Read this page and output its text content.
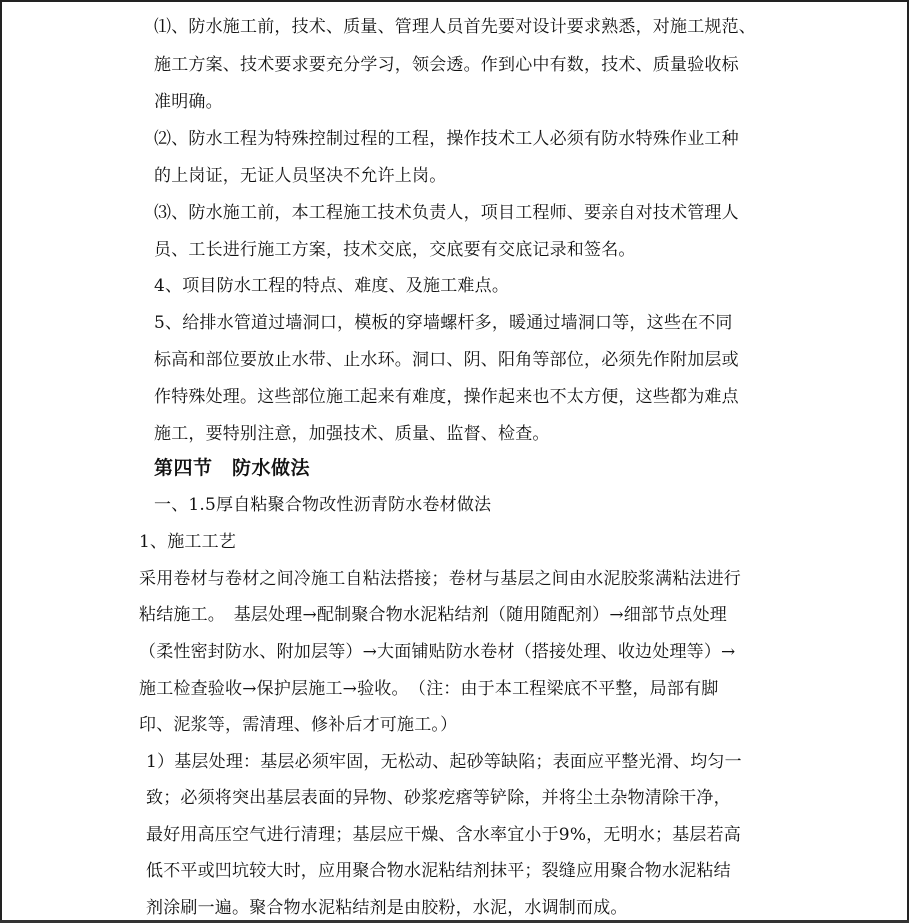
⑴、防水施工前，技术、质量、管理人员首先要对设计要求熟悉，对施工规范、
施工方案、技术要求要充分学习，领会透。作到心中有数，技术、质量验收标
准明确。
⑵、防水工程为特殊控制过程的工程，操作技术工人必须有防水特殊作业工种
的上岗证，无证人员坚决不允许上岗。
⑶、防水施工前，本工程施工技术负责人，项目工程师、要亲自对技术管理人
员、工长进行施工方案，技术交底，交底要有交底记录和签名。
4、项目防水工程的特点、难度、及施工难点。
5、给排水管道过墙洞口，模板的穿墙螺杆多，暖通过墙洞口等，这些在不同
标高和部位要放止水带、止水环。洞口、阴、阳角等部位，必须先作附加层或
作特殊处理。这些部位施工起来有难度，操作起来也不太方便，这些都为难点
施工，要特别注意，加强技术、质量、监督、检查。
第四节　防水做法
一、1.5厚自粘聚合物改性沥青防水卷材做法
1、施工工艺
采用卷材与卷材之间冷施工自粘法搭接；卷材与基层之间由水泥胶浆满粘法进行
粘结施工。　基层处理→配制聚合物水泥粘结剂（随用随配剂）→细部节点处理
（柔性密封防水、附加层等）→大面铺贴防水卷材（搭接处理、收边处理等）→
施工检查验收→保护层施工→验收。　（注：由于本工程梁底不平整，局部有脚
印、泥浆等，需清理、修补后才可施工。）
1）基层处理：基层必须牢固，无松动、起砂等缺陷；表面应平整光滑、均匀一
致；必须将突出基层表面的异物、砂浆疙瘩等铲除，并将尘土杂物清除干净，
最好用高压空气进行清理；基层应干燥、含水率宜小于9%，无明水；基层若高
低不平或凹坑较大时，应用聚合物水泥粘结剂抹平；裂缝应用聚合物水泥粘结
剂涂刷一遍。聚合物水泥粘结剂是由胶粉，水泥，水调制而成。
